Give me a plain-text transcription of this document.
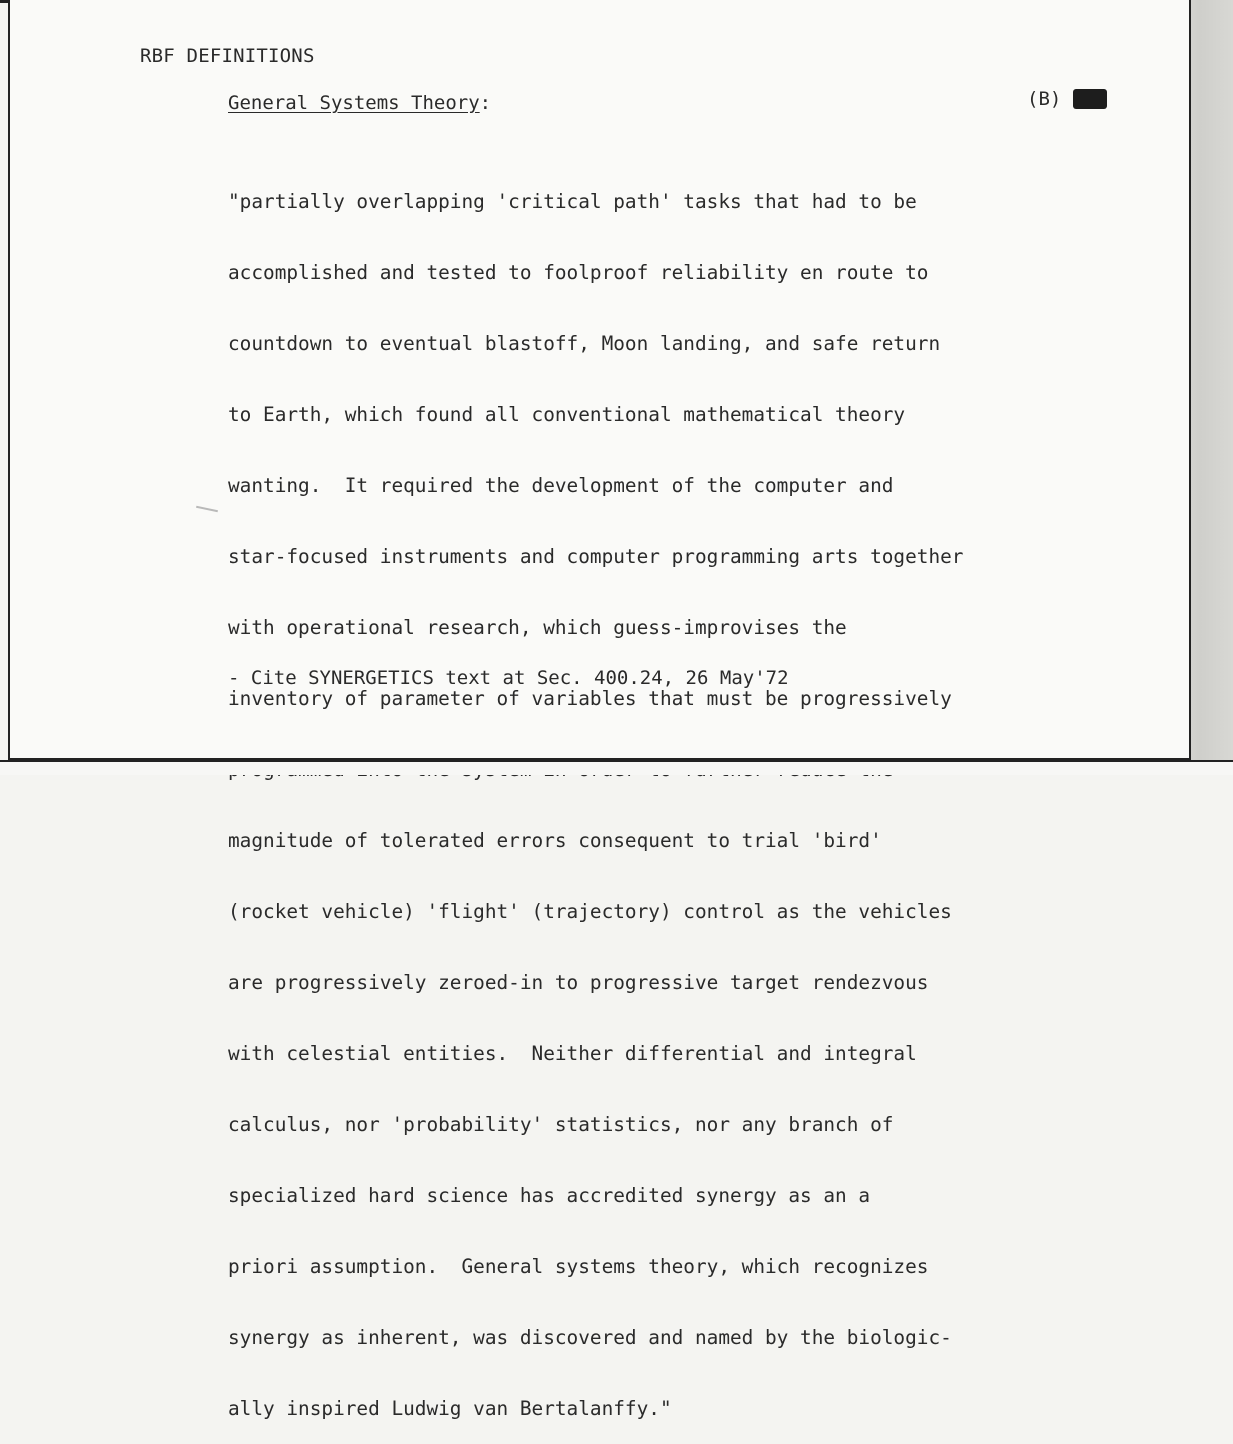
RBF DEFINITIONS
General Systems Theory:	(B)

"partially overlapping 'critical path' tasks that had to be

accomplished and tested to foolproof reliability en route to

countdown to eventual blastoff, Moon landing, and safe return

to Earth, which found all conventional mathematical theory

wanting.  It required the development of the computer and

star-focused instruments and computer programming arts together

with operational research, which guess-improvises the

inventory of parameter of variables that must be progressively

magnitude of tolerated errors consequent to trial 'bird'

(rocket vehicle) 'flight' (trajectory) control as the vehicles

are progressively zeroed-in to progressive target rendezvous

with celestial entities.  Neither differential and integral

calculus, nor 'probability' statistics, nor any branch of

specialized hard science has accredited synergy as an a

priori assumption.  General systems theory, which recognizes

synergy as inherent, was discovered and named by the biologic-

ally inspired Ludwig van Bertalanffy."

- Cite SYNERGETICS text at Sec. 400.24, 26 May'72
